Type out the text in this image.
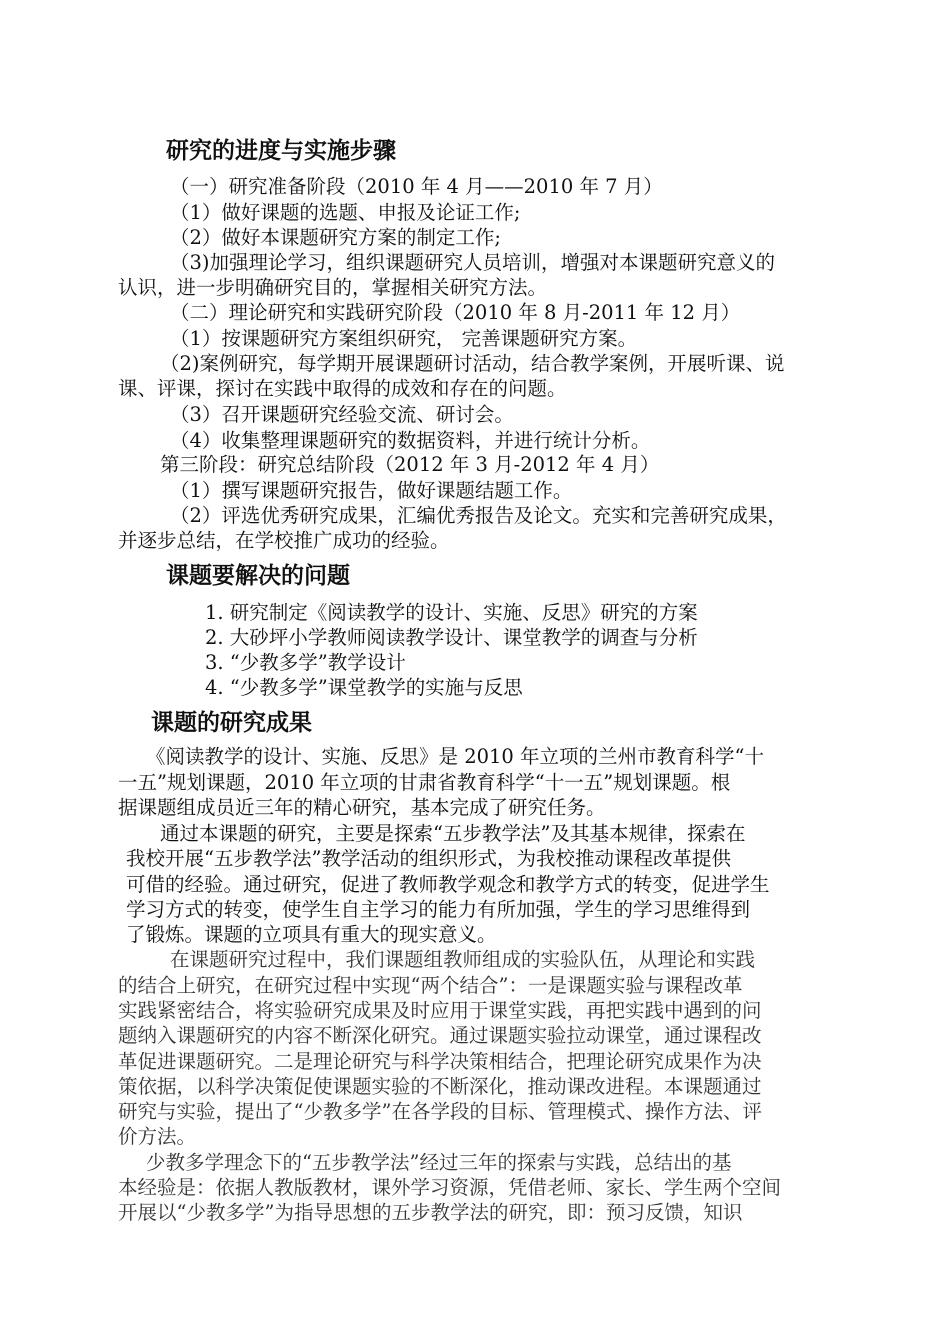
研究的进度与实施步骤
（一）研究准备阶段（2010 年 4 月——2010 年 7 月）
（1）做好课题的选题、申报及论证工作;
（2）做好本课题研究方案的制定工作;
（3)加强理论学习，组织课题研究人员培训，增强对本课题研究意义的
认识，进一步明确研究目的，掌握相关研究方法。
（二）理论研究和实践研究阶段（2010 年 8 月-2011 年 12 月）
（1）按课题研究方案组织研究， 完善课题研究方案。
（2)案例研究，每学期开展课题研讨活动，结合教学案例，开展听课、说
课、评课，探讨在实践中取得的成效和存在的问题。
（3）召开课题研究经验交流、研讨会。
（4）收集整理课题研究的数据资料，并进行统计分析。
第三阶段：研究总结阶段（2012 年 3 月-2012 年 4 月）
（1）撰写课题研究报告，做好课题结题工作。
（2）评选优秀研究成果，汇编优秀报告及论文。充实和完善研究成果，
并逐步总结，在学校推广成功的经验。
课题要解决的问题
1. 研究制定《阅读教学的设计、实施、反思》研究的方案
2. 大砂坪小学教师阅读教学设计、课堂教学的调查与分析
3. “少教多学”教学设计
4. “少教多学”课堂教学的实施与反思
课题的研究成果
《阅读教学的设计、实施、反思》是 2010 年立项的兰州市教育科学“十
一五”规划课题，2010 年立项的甘肃省教育科学“十一五”规划课题。根
据课题组成员近三年的精心研究，基本完成了研究任务。
通过本课题的研究，主要是探索“五步教学法”及其基本规律，探索在
我校开展“五步教学法”教学活动的组织形式，为我校推动课程改革提供
可借的经验。通过研究，促进了教师教学观念和教学方式的转变，促进学生
学习方式的转变，使学生自主学习的能力有所加强，学生的学习思维得到
了锻炼。课题的立项具有重大的现实意义。
在课题研究过程中，我们课题组教师组成的实验队伍，从理论和实践
的结合上研究，在研究过程中实现“两个结合”：一是课题实验与课程改革
实践紧密结合，将实验研究成果及时应用于课堂实践，再把实践中遇到的问
题纳入课题研究的内容不断深化研究。通过课题实验拉动课堂，通过课程改
革促进课题研究。二是理论研究与科学决策相结合，把理论研究成果作为决
策依据，以科学决策促使课题实验的不断深化，推动课改进程。本课题通过
研究与实验，提出了“少教多学”在各学段的目标、管理模式、操作方法、评
价方法。
少教多学理念下的“五步教学法”经过三年的探索与实践，总结出的基
本经验是：依据人教版教材，课外学习资源，凭借老师、家长、学生两个空间
开展以“少教多学”为指导思想的五步教学法的研究，即：预习反馈，知识
